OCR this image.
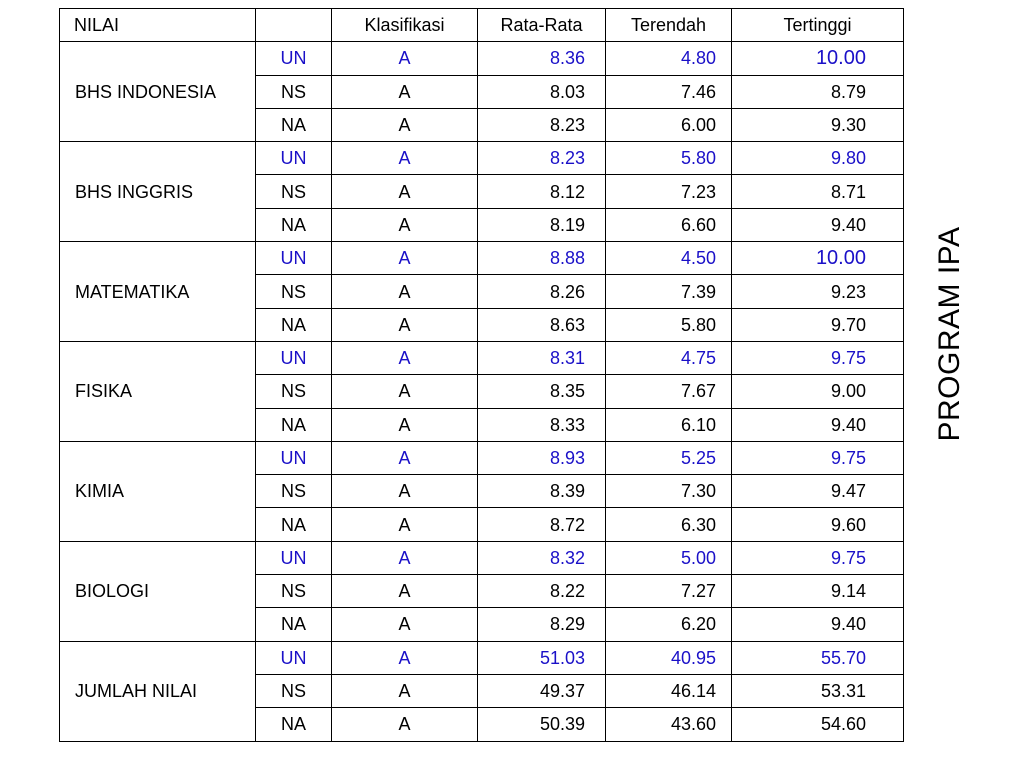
NILAI		Klasifikasi	Rata-Rata	Terendah	Tertinggi
BHS INDONESIA	UN	A	8.36	4.80	10.00
	NS	A	8.03	7.46	8.79
	NA	A	8.23	6.00	9.30
BHS INGGRIS	UN	A	8.23	5.80	9.80
	NS	A	8.12	7.23	8.71
	NA	A	8.19	6.60	9.40
MATEMATIKA	UN	A	8.88	4.50	10.00
	NS	A	8.26	7.39	9.23
	NA	A	8.63	5.80	9.70
FISIKA	UN	A	8.31	4.75	9.75
	NS	A	8.35	7.67	9.00
	NA	A	8.33	6.10	9.40
KIMIA	UN	A	8.93	5.25	9.75
	NS	A	8.39	7.30	9.47
	NA	A	8.72	6.30	9.60
BIOLOGI	UN	A	8.32	5.00	9.75
	NS	A	8.22	7.27	9.14
	NA	A	8.29	6.20	9.40
JUMLAH NILAI	UN	A	51.03	40.95	55.70
	NS	A	49.37	46.14	53.31
	NA	A	50.39	43.60	54.60
PROGRAM IPA
